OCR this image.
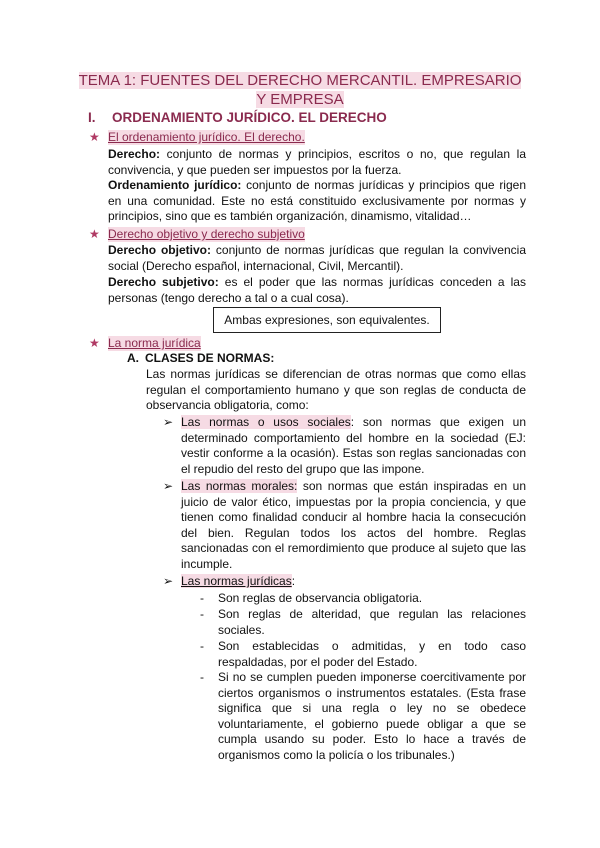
TEMA 1: FUENTES DEL DERECHO MERCANTIL. EMPRESARIO
Y EMPRESA
I. ORDENAMIENTO JURÍDICO. EL DERECHO
★ El ordenamiento jurídico. El derecho.
Derecho: conjunto de normas y principios, escritos o no, que regulan la convivencia, y que pueden ser impuestos por la fuerza.
Ordenamiento jurídico: conjunto de normas jurídicas y principios que rigen en una comunidad. Este no está constituido exclusivamente por normas y principios, sino que es también organización, dinamismo, vitalidad…
★ Derecho objetivo y derecho subjetivo
Derecho objetivo: conjunto de normas jurídicas que regulan la convivencia social (Derecho español, internacional, Civil, Mercantil).
Derecho subjetivo: es el poder que las normas jurídicas conceden a las personas (tengo derecho a tal o a cual cosa).
Ambas expresiones, son equivalentes.
★ La norma jurídica
A. CLASES DE NORMAS:
Las normas jurídicas se diferencian de otras normas que como ellas regulan el comportamiento humano y que son reglas de conducta de observancia obligatoria, como:
➢ Las normas o usos sociales: son normas que exigen un determinado comportamiento del hombre en la sociedad (EJ: vestir conforme a la ocasión). Estas son reglas sancionadas con el repudio del resto del grupo que las impone.
➢ Las normas morales: son normas que están inspiradas en un juicio de valor ético, impuestas por la propia conciencia, y que tienen como finalidad conducir al hombre hacia la consecución del bien. Regulan todos los actos del hombre. Reglas sancionadas con el remordimiento que produce al sujeto que las incumple.
➢ Las normas jurídicas:
- Son reglas de observancia obligatoria.
- Son reglas de alteridad, que regulan las relaciones sociales.
- Son establecidas o admitidas, y en todo caso respaldadas, por el poder del Estado.
- Si no se cumplen pueden imponerse coercitivamente por ciertos organismos o instrumentos estatales. (Esta frase significa que si una regla o ley no se obedece voluntariamente, el gobierno puede obligar a que se cumpla usando su poder. Esto lo hace a través de organismos como la policía o los tribunales.)
